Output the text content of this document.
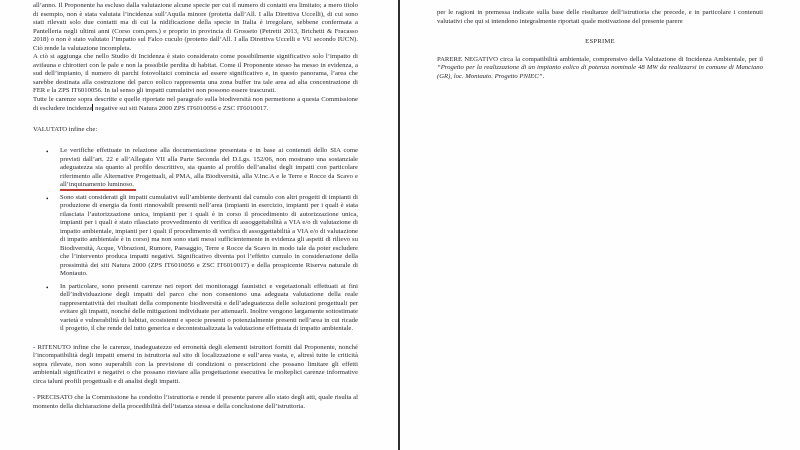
all’anno. Il Proponente ha escluso dalla valutazione alcune specie per cui il numero di contatti era limitato; a mero titolo di esempio, non è stata valutata l’incidenza sull’Aquila minore (protetta dall’All. I alla Direttiva Uccelli), di cui sono stati rilevati solo due contatti ma di cui la nidificazione della specie in Italia è irregolare, sebbene confermata a Pantelleria negli ultimi anni (Corso com.pers.) e proprio in provincia di Grosseto (Petretti 2013, Brichetti & Fracasso 2018) o non è stato valutato l’impatto sul Falco cuculo (protetto dall’All. I alla Direttiva Uccelli e VU secondo IUCN). Ciò rende la valutazione incompleta.

A ciò si aggiunga che nello Studio di Incidenza è stato considerato come possibilmente significativo solo l’impatto di avifauna e chirotteri con le pale e non la possibile perdita di habitat. Come il Proponente stesso ha messo in evidenza, a sud dell’impianto, il numero di parchi fotovoltaici comincia ad essere significativo e, in questo panorama, l’area che sarebbe destinata alla costruzione del parco eolico rappresenta una zona buffer tra tale area ad alta concentrazione di FER e la ZPS IT6010056. In tal senso gli impatti cumulativi non possono essere trascurati.

Tutte le carenze sopra descritte e quelle riportate nel paragrafo sulla biodiversità non permettono a questa Commissione di escludere incidenze negative sui siti Natura 2000 ZPS IT6010056 e ZSC IT6010017.

VALUTATO infine che:

• Le verifiche effettuate in relazione alla documentazione presentata e in base ai contenuti dello SIA come previsti dall’art. 22 e all’Allegato VII alla Parte Seconda del D.Lgs. 152/06, non mostrano una sostanziale adeguatezza sia quanto al profilo descrittivo, sia quanto al profilo dell’analisi degli impatti con particolare riferimento alle Alternative Progettuali, al PMA, alla Biodiversità, alla V.Inc.A e le Terre e Rocce da Scavo e all’inquinamento luminoso.

• Sono stati considerati gli impatti cumulativi sull’ambiente derivanti dal cumulo con altri progetti di impianti di produzione di energia da fonti rinnovabili presenti nell’area (impianti in esercizio, impianti per i quali è stata rilasciata l’autorizzazione unica, impianti per i quali è in corso il procedimento di autorizzazione unica, impianti per i quali è stato rilasciato provvedimento di verifica di assoggettabilità a VIA e/o di valutazione di impatto ambientale, impianti per i quali il procedimento di verifica di assoggettabilità a VIA e/o di valutazione di impatto ambientale è in corso) ma non sono stati messi sufficientemente in evidenza gli aspetti di rilievo su Biodiversità, Acque, Vibrazioni, Rumore, Paesaggio, Terre e Rocce da Scavo in modo tale da poter escludere che l’intervento produca impatti negativi. Significativo diventa poi l’effetto cumulo in considerazione della prossimità dei siti Natura 2000 (ZPS IT6010056 e ZSC IT6010017) e della prospicente Riserva naturale di Montauto.

• In particolare, sono presenti carenze nei report dei monitoraggi faunistici e vegetazionali effettuati ai fini dell’individuazione degli impatti del parco che non consentono una adeguata valutazione della reale rappresentatività dei risultati della componente biodiversità e dell’adeguatezza delle soluzioni progettuali per evitare gli impatti, nonché delle mitigazioni individuate per attenuarli. Inoltre vengono largamente sottostimate varietà e vulnerabilità di habitat, ecosistemi e specie presenti o potenzialmente presenti nell’area in cui ricade il progetto, il che rende del tutto generica e decontestualizzata la valutazione effettuata di impatto ambientale.

- RITENUTO infine che le carenze, inadeguatezze ed erroneità degli elementi istruttori forniti dal Proponente, nonché l’incompatibilità degli impatti emersi in istruttoria sul sito di localizzazione e sull’area vasta, e, altresì tutte le criticità sopra rilevate, non sono superabili con la previsione di condizioni o prescrizioni che possano limitare gli effetti ambientali significativi e negativi o che possano rinviare alla progettazione esecutiva le molteplici carenze informative circa taluni profili progettuali e di analisi degli impatti.

- PRECISATO che la Commissione ha condotto l’istruttoria e rende il presente parere allo stato degli atti, quale risulta al momento della dichiarazione della procedibilità dell’istanza stessa e della conclusione dell’istruttoria.

per le ragioni in premessa indicate sulla base delle risultanze dell’istruttoria che precede, e in particolare i contenuti valutativi che qui si intendono integralmente riportati quale motivazione del presente parere

ESPRIME

PARERE NEGATIVO circa la compatibilità ambientale, comprensivo della Valutazione di Incidenza Ambientale, per il “Progetto per la realizzazione di un impianto eolico di potenza nominale 48 MW da realizzarsi in comune di Manciano (GR), loc. Montauto. Progetto PNIEC”.
